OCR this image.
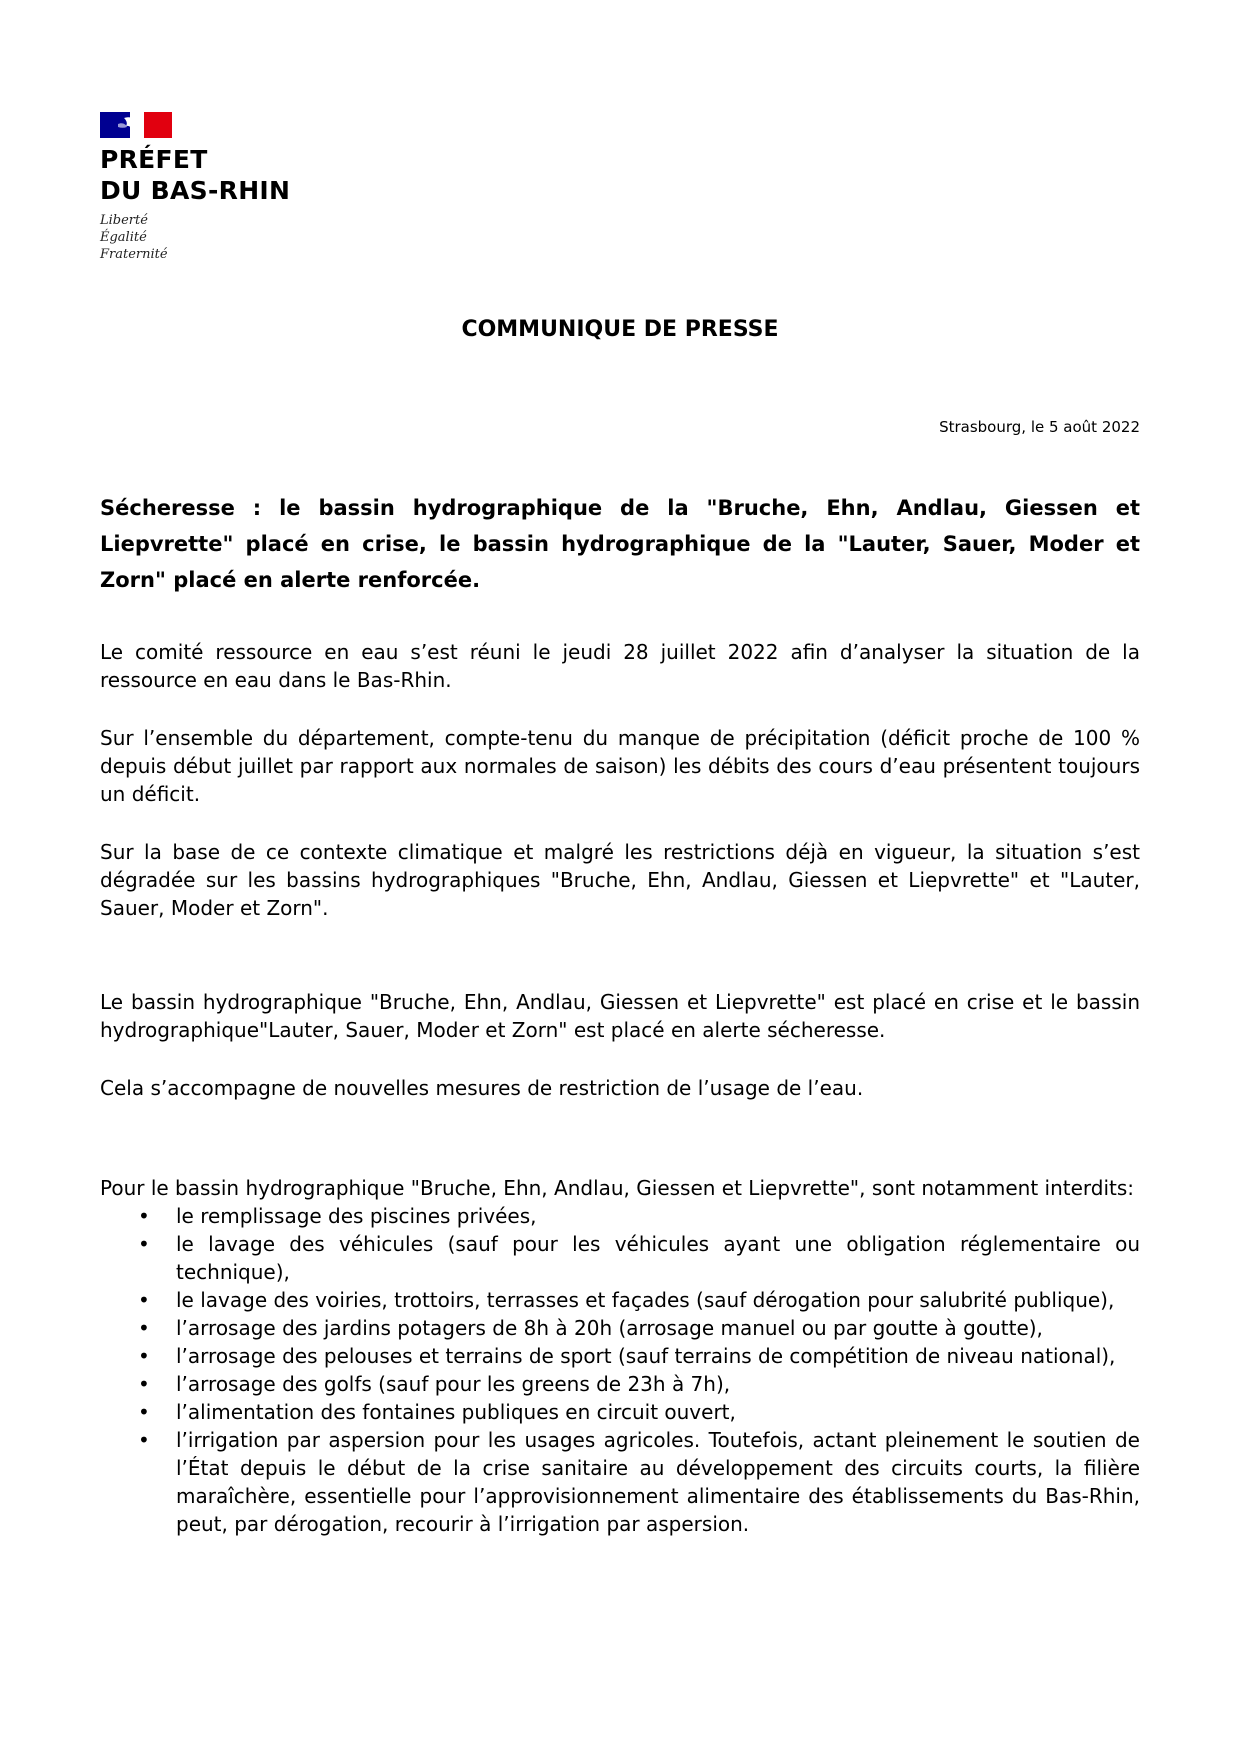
PRÉFET
DU BAS-RHIN
Liberté
Égalité
Fraternité
COMMUNIQUE DE PRESSE
Strasbourg, le 5 août 2022

Sécheresse : le bassin hydrographique de la "Bruche, Ehn, Andlau, Giessen et Liepvrette" placé en crise, le bassin hydrographique de la "Lauter, Sauer, Moder et Zorn" placé en alerte renforcée.

Le comité ressource en eau s’est réuni le jeudi 28 juillet 2022 afin d’analyser la situation de la ressource en eau dans le Bas-Rhin.

Sur l’ensemble du département, compte-tenu du manque de précipitation (déficit proche de 100 % depuis début juillet par rapport aux normales de saison) les débits des cours d’eau présentent toujours un déficit.

Sur la base de ce contexte climatique et malgré les restrictions déjà en vigueur, la situation s’est dégradée sur les bassins hydrographiques "Bruche, Ehn, Andlau, Giessen et Liepvrette" et "Lauter, Sauer, Moder et Zorn".

Le bassin hydrographique "Bruche, Ehn, Andlau, Giessen et Liepvrette" est placé en crise et le bassin hydrographique"Lauter, Sauer, Moder et Zorn" est placé en alerte sécheresse.

Cela s’accompagne de nouvelles mesures de restriction de l’usage de l’eau.

Pour le bassin hydrographique "Bruche, Ehn, Andlau, Giessen et Liepvrette", sont notamment interdits:

• le remplissage des piscines privées,
• le lavage des véhicules (sauf pour les véhicules ayant une obligation réglementaire ou technique),
• le lavage des voiries, trottoirs, terrasses et façades (sauf dérogation pour salubrité publique),
• l’arrosage des jardins potagers de 8h à 20h (arrosage manuel ou par goutte à goutte),
• l’arrosage des pelouses et terrains de sport (sauf terrains de compétition de niveau national),
• l’arrosage des golfs (sauf pour les greens de 23h à 7h),
• l’alimentation des fontaines publiques en circuit ouvert,
• l’irrigation par aspersion pour les usages agricoles. Toutefois, actant pleinement le soutien de l’État depuis le début de la crise sanitaire au développement des circuits courts, la filière maraîchère, essentielle pour l’approvisionnement alimentaire des établissements du Bas-Rhin, peut, par dérogation, recourir à l’irrigation par aspersion.
